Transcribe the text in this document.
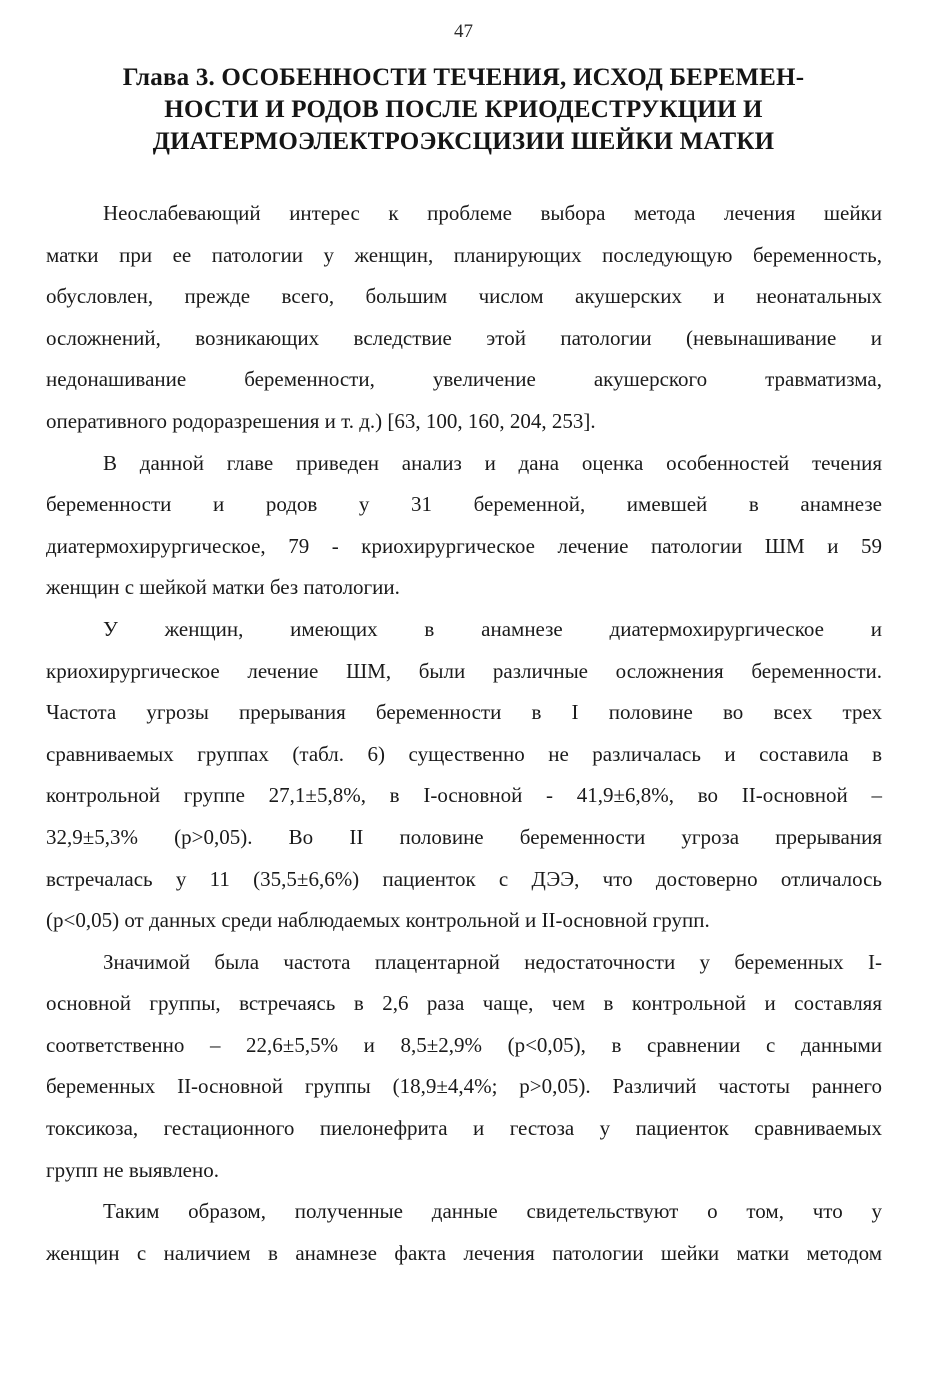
47
Глава 3. ОСОБЕННОСТИ ТЕЧЕНИЯ, ИСХОД БЕРЕМЕН-
НОСТИ И РОДОВ ПОСЛЕ КРИОДЕСТРУКЦИИ И
ДИАТЕРМОЭЛЕКТРОЭКСЦИЗИИ ШЕЙКИ МАТКИ

Неослабевающий интерес к проблеме выбора метода лечения шейки
матки при ее патологии у женщин, планирующих последующую беременность,
обусловлен, прежде всего, большим числом акушерских и неонатальных
осложнений, возникающих вследствие этой патологии (невынашивание и
недонашивание беременности, увеличение акушерского травматизма,
оперативного родоразрешения и т. д.) [63, 100, 160, 204, 253].

В данной главе приведен анализ и дана оценка особенностей течения
беременности и родов у 31 беременной, имевшей в анамнезе
диатермохирургическое, 79 - криохирургическое лечение патологии ШМ и 59
женщин с шейкой матки без патологии.

У женщин, имеющих в анамнезе диатермохирургическое и
криохирургическое лечение ШМ, были различные осложнения беременности.
Частота угрозы прерывания беременности в I половине во всех трех
сравниваемых группах (табл. 6) существенно не различалась и составила в
контрольной группе 27,1±5,8%, в I-основной - 41,9±6,8%, во II-основной –
32,9±5,3% (p>0,05). Во II половине беременности угроза прерывания
встречалась у 11 (35,5±6,6%) пациенток с ДЭЭ, что достоверно отличалось
(p<0,05) от данных среди наблюдаемых контрольной и II-основной групп.

Значимой была частота плацентарной недостаточности у беременных I-
основной группы, встречаясь в 2,6 раза чаще, чем в контрольной и составляя
соответственно – 22,6±5,5% и 8,5±2,9% (p<0,05), в сравнении с данными
беременных II-основной группы (18,9±4,4%; p>0,05). Различий частоты раннего
токсикоза, гестационного пиелонефрита и гестоза у пациенток сравниваемых
групп не выявлено.

Таким образом, полученные данные свидетельствуют о том, что у
женщин с наличием в анамнезе факта лечения патологии шейки матки методом
